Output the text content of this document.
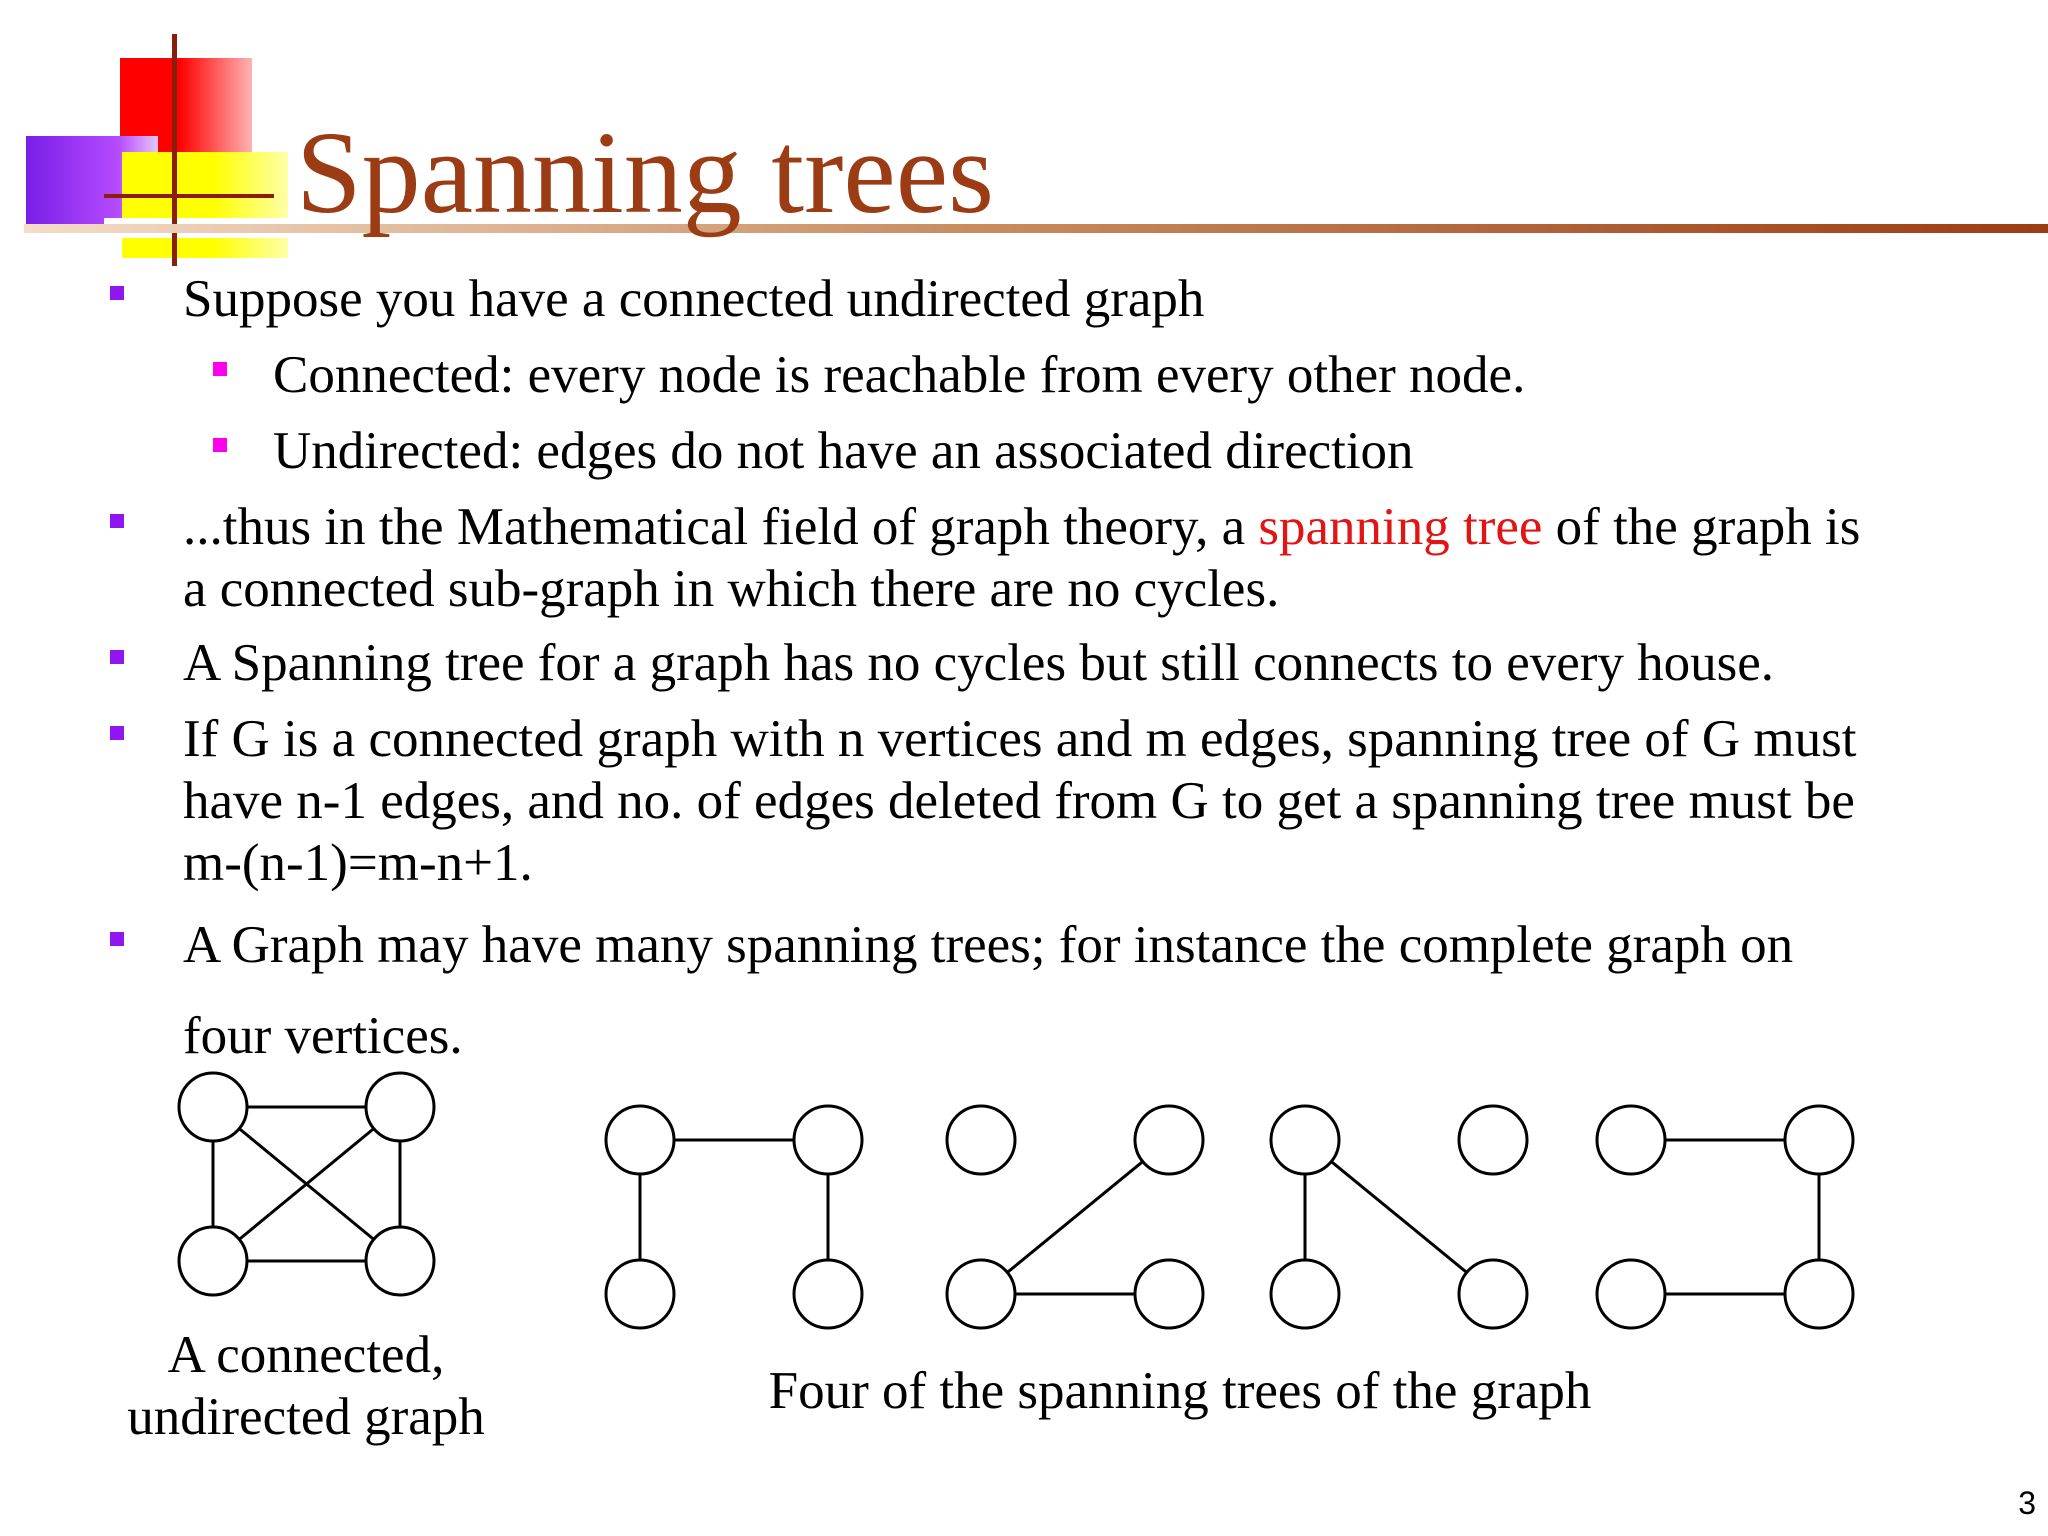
Spanning trees
Suppose you have a connected undirected graph
Connected: every node is reachable from every other node.
Undirected: edges do not have an associated direction
...thus in the Mathematical field of graph theory, a spanning tree of the graph is
a connected sub-graph in which there are no cycles.
A Spanning tree for a graph has no cycles but still connects to every house.
If G is a connected graph with n vertices and m edges, spanning tree of G must
have n-1 edges, and no. of edges deleted from G to get a spanning tree must be
m-(n-1)=m-n+1.
A Graph may have many spanning trees; for instance the complete graph on
four vertices.
A connected,
undirected graph	Four of the spanning trees of the graph
3
